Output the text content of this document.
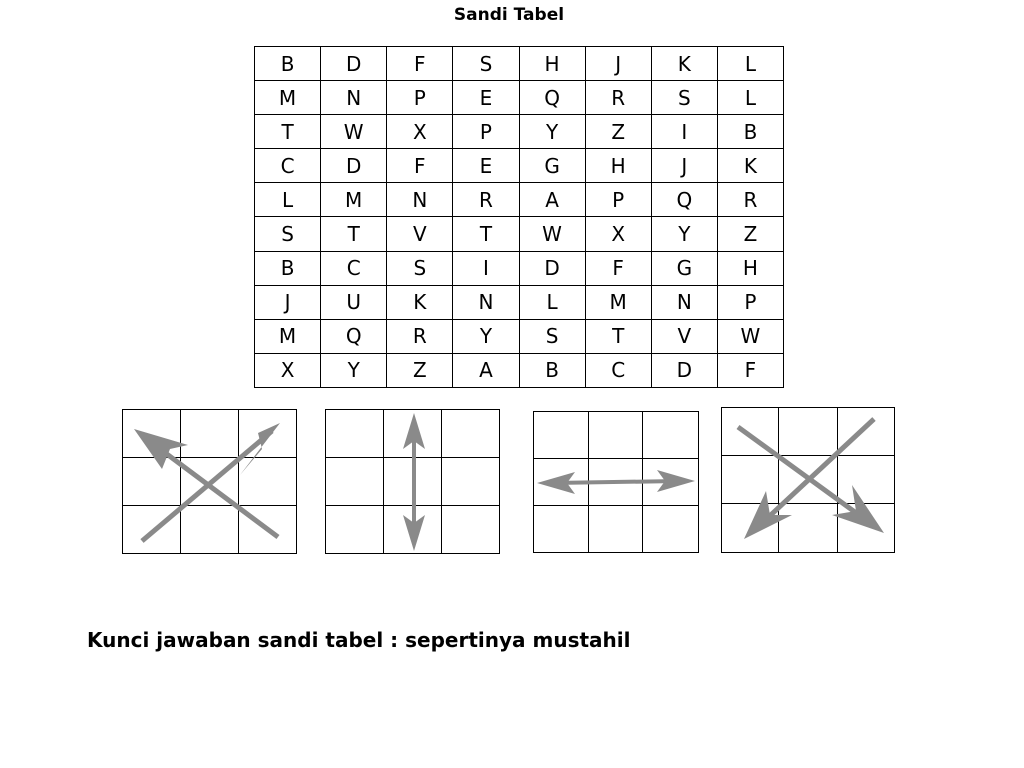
Sandi Tabel
B	D	F	S	H	J	K	L
M	N	P	E	Q	R	S	L
T	W	X	P	Y	Z	I	B
C	D	F	E	G	H	J	K
L	M	N	R	A	P	Q	R
S	T	V	T	W	X	Y	Z
B	C	S	I	D	F	G	H
J	U	K	N	L	M	N	P
M	Q	R	Y	S	T	V	W
X	Y	Z	A	B	C	D	F
Kunci jawaban sandi tabel : sepertinya mustahil
